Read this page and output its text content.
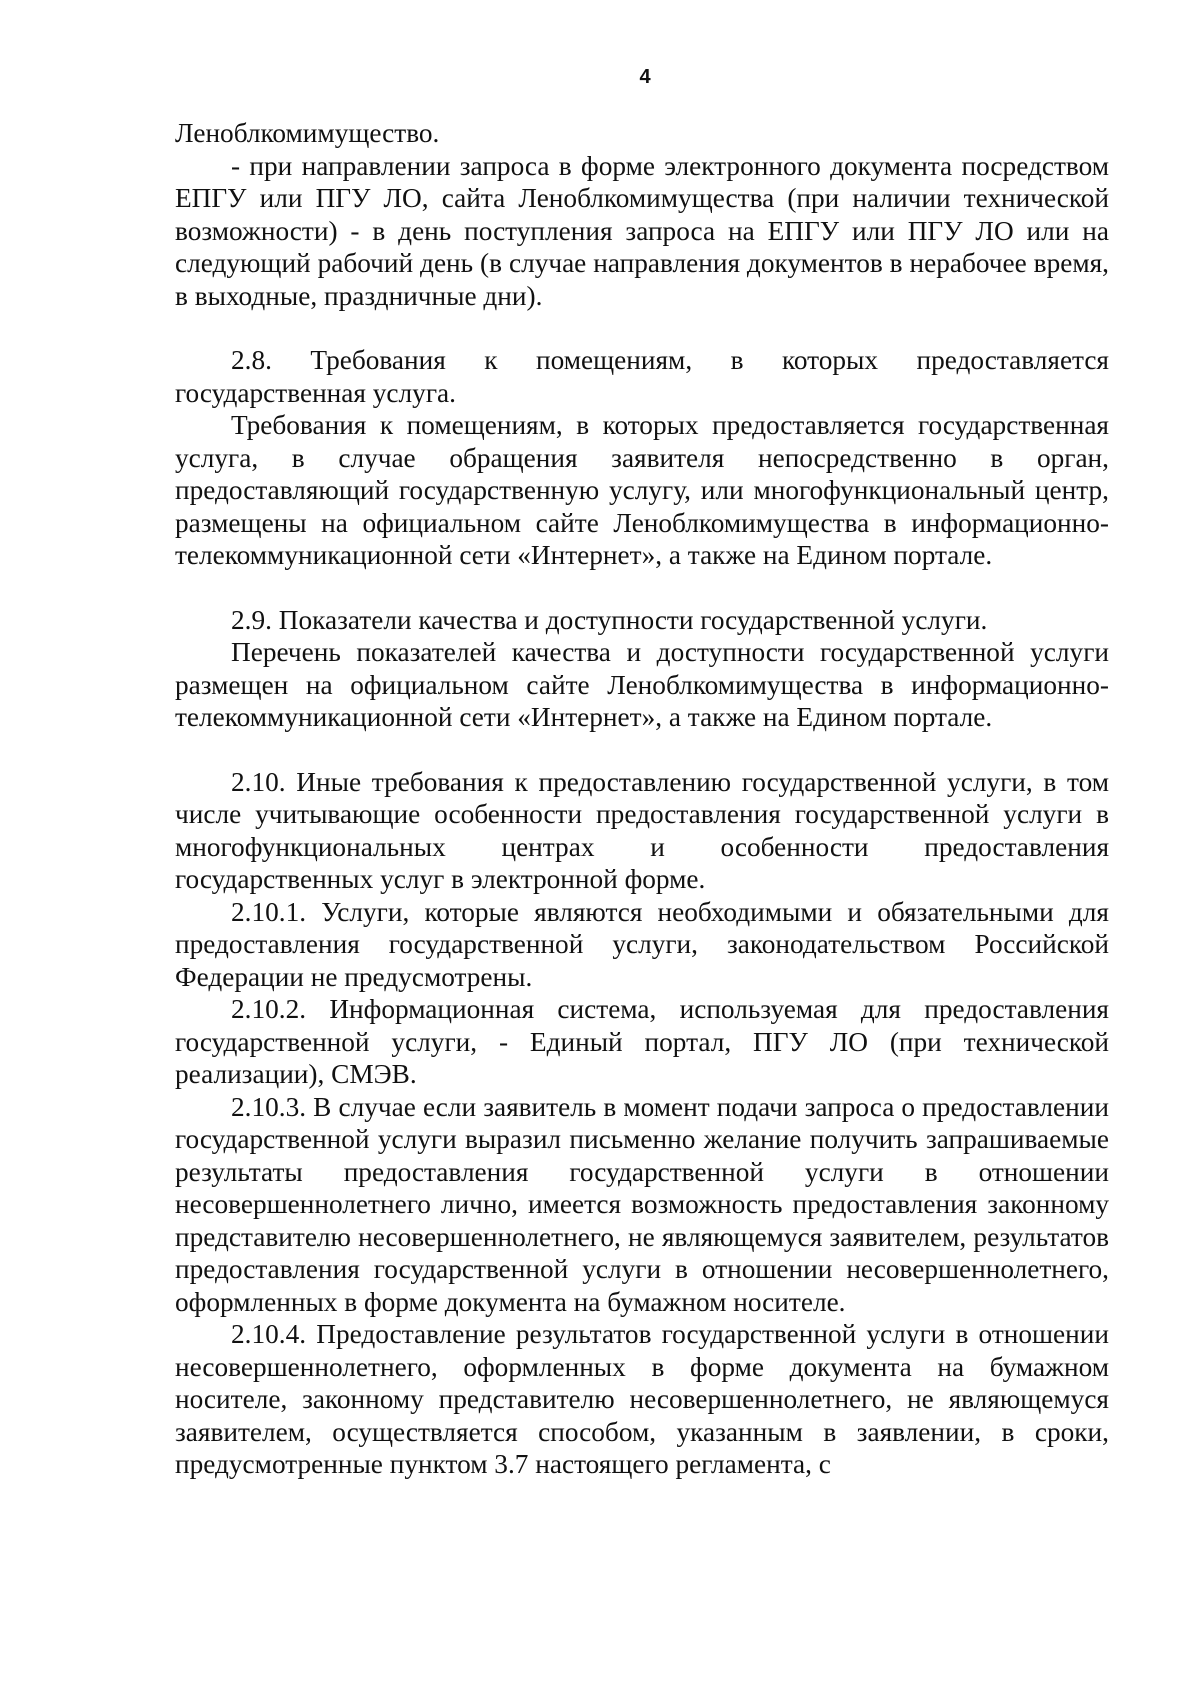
4

Леноблкомимущество.

- при направлении запроса в форме электронного документа посредством ЕПГУ или ПГУ ЛО, сайта Леноблкомимущества (при наличии технической возможности) - в день поступления запроса на ЕПГУ или ПГУ ЛО или на следующий рабочий день (в случае направления документов в нерабочее время, в выходные, праздничные дни).

2.8. Требования к помещениям, в которых предоставляется государственная услуга.

Требования к помещениям, в которых предоставляется государственная услуга, в случае обращения заявителя непосредственно в орган, предоставляющий государственную услугу, или многофункциональный центр, размещены на официальном сайте Леноблкомимущества в информационно-телекоммуникационной сети «Интернет», а также на Едином портале.

2.9. Показатели качества и доступности государственной услуги.

Перечень показателей качества и доступности государственной услуги размещен на официальном сайте Леноблкомимущества в информационно-телекоммуникационной сети «Интернет», а также на Едином портале.

2.10. Иные требования к предоставлению государственной услуги, в том числе учитывающие особенности предоставления государственной услуги в многофункциональных центрах и особенности предоставления государственных услуг в электронной форме.

2.10.1. Услуги, которые являются необходимыми и обязательными для предоставления государственной услуги, законодательством Российской Федерации не предусмотрены.

2.10.2. Информационная система, используемая для предоставления государственной услуги, - Единый портал, ПГУ ЛО (при технической реализации), СМЭВ.

2.10.3. В случае если заявитель в момент подачи запроса о предоставлении государственной услуги выразил письменно желание получить запрашиваемые результаты предоставления государственной услуги в отношении несовершеннолетнего лично, имеется возможность предоставления законному представителю несовершеннолетнего, не являющемуся заявителем, результатов предоставления государственной услуги в отношении несовершеннолетнего, оформленных в форме документа на бумажном носителе.

2.10.4. Предоставление результатов государственной услуги в отношении несовершеннолетнего, оформленных в форме документа на бумажном носителе, законному представителю несовершеннолетнего, не являющемуся заявителем, осуществляется способом, указанным в заявлении, в сроки, предусмотренные пунктом 3.7 настоящего регламента, с
